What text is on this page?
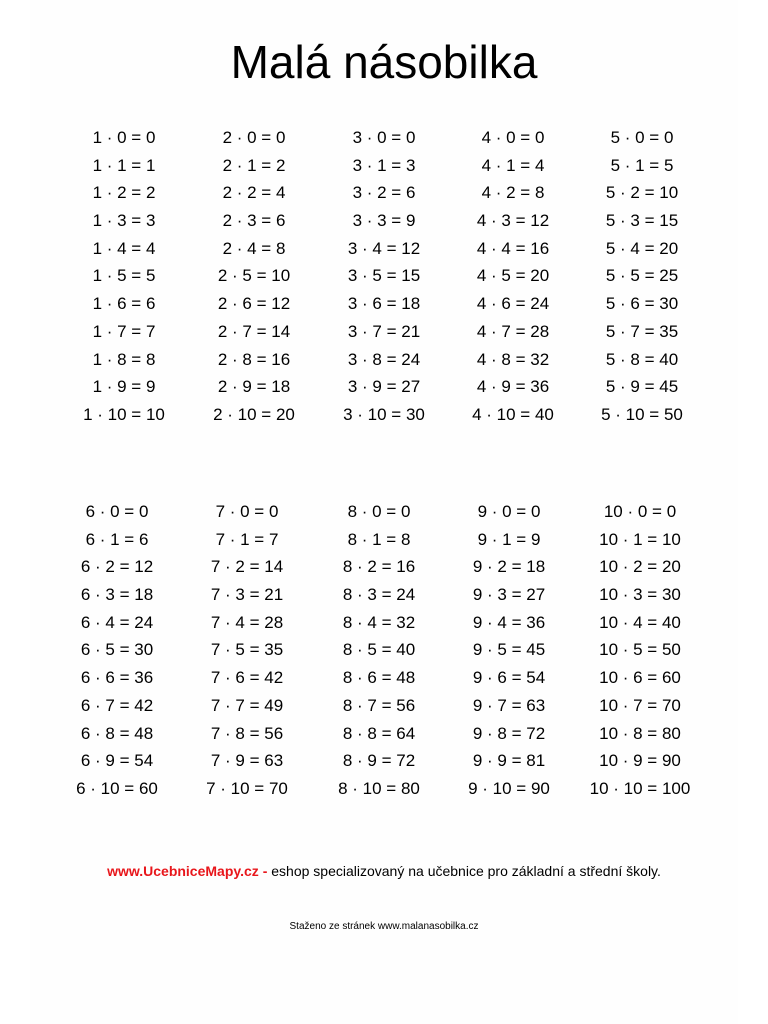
Malá násobilka
1 · 0 = 0
1 · 1 = 1
1 · 2 = 2
1 · 3 = 3
1 · 4 = 4
1 · 5 = 5
1 · 6 = 6
1 · 7 = 7
1 · 8 = 8
1 · 9 = 9
1 · 10 = 10
2 · 0 = 0
2 · 1 = 2
2 · 2 = 4
2 · 3 = 6
2 · 4 = 8
2 · 5 = 10
2 · 6 = 12
2 · 7 = 14
2 · 8 = 16
2 · 9 = 18
2 · 10 = 20
3 · 0 = 0
3 · 1 = 3
3 · 2 = 6
3 · 3 = 9
3 · 4 = 12
3 · 5 = 15
3 · 6 = 18
3 · 7 = 21
3 · 8 = 24
3 · 9 = 27
3 · 10 = 30
4 · 0 = 0
4 · 1 = 4
4 · 2 = 8
4 · 3 = 12
4 · 4 = 16
4 · 5 = 20
4 · 6 = 24
4 · 7 = 28
4 · 8 = 32
4 · 9 = 36
4 · 10 = 40
5 · 0 = 0
5 · 1 = 5
5 · 2 = 10
5 · 3 = 15
5 · 4 = 20
5 · 5 = 25
5 · 6 = 30
5 · 7 = 35
5 · 8 = 40
5 · 9 = 45
5 · 10 = 50
6 · 0 = 0
6 · 1 = 6
6 · 2 = 12
6 · 3 = 18
6 · 4 = 24
6 · 5 = 30
6 · 6 = 36
6 · 7 = 42
6 · 8 = 48
6 · 9 = 54
6 · 10 = 60
7 · 0 = 0
7 · 1 = 7
7 · 2 = 14
7 · 3 = 21
7 · 4 = 28
7 · 5 = 35
7 · 6 = 42
7 · 7 = 49
7 · 8 = 56
7 · 9 = 63
7 · 10 = 70
8 · 0 = 0
8 · 1 = 8
8 · 2 = 16
8 · 3 = 24
8 · 4 = 32
8 · 5 = 40
8 · 6 = 48
8 · 7 = 56
8 · 8 = 64
8 · 9 = 72
8 · 10 = 80
9 · 0 = 0
9 · 1 = 9
9 · 2 = 18
9 · 3 = 27
9 · 4 = 36
9 · 5 = 45
9 · 6 = 54
9 · 7 = 63
9 · 8 = 72
9 · 9 = 81
9 · 10 = 90
10 · 0 = 0
10 · 1 = 10
10 · 2 = 20
10 · 3 = 30
10 · 4 = 40
10 · 5 = 50
10 · 6 = 60
10 · 7 = 70
10 · 8 = 80
10 · 9 = 90
10 · 10 = 100
www.UcebniceMapy.cz - eshop specializovaný na učebnice pro základní a střední školy.
Staženo ze stránek www.malanasobilka.cz
